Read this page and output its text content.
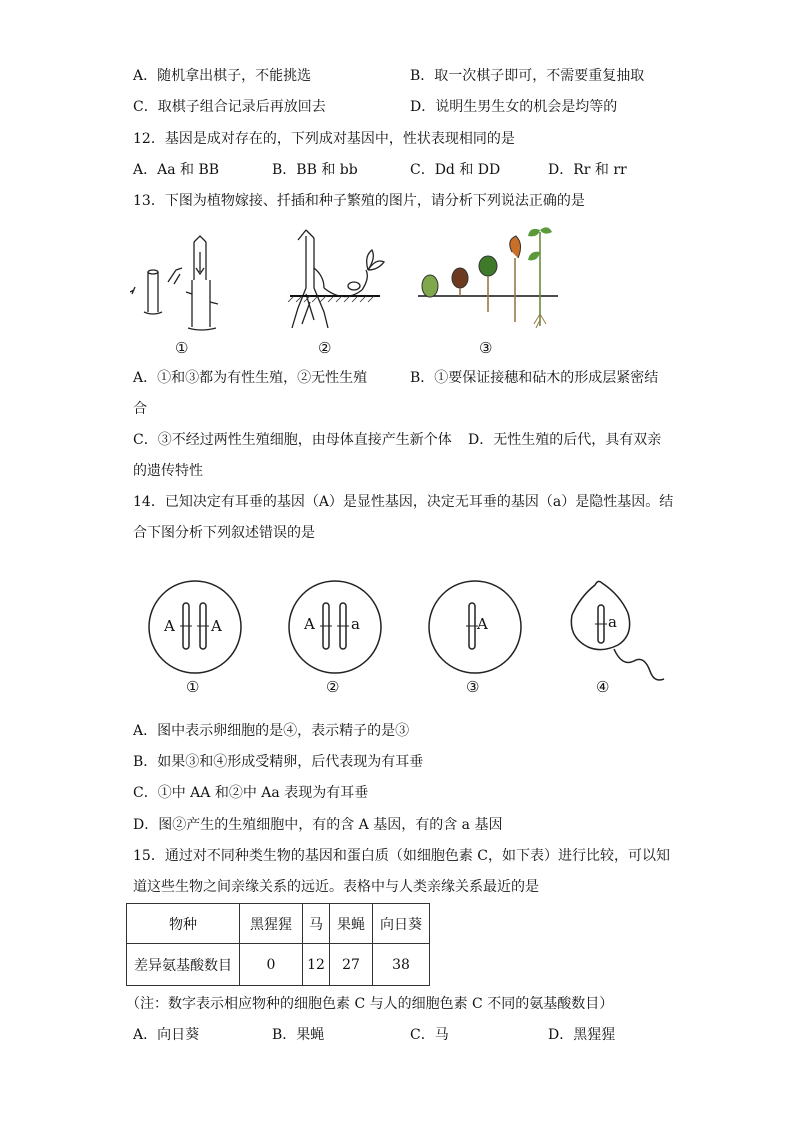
A．随机拿出棋子，不能挑选	B．取一次棋子即可，不需要重复抽取
C．取棋子组合记录后再放回去	D．说明生男生女的机会是均等的
12．基因是成对存在的，下列成对基因中，性状表现相同的是
A．Aa 和 BB	B．BB 和 bb	C．Dd 和 DD	D．Rr 和 rr
13．下图为植物嫁接、扦插和种子繁殖的图片，请分析下列说法正确的是
①	②	③
A．①和③都为有性生殖，②无性生殖	B．①要保证接穗和砧木的形成层紧密结
合
C．③不经过两性生殖细胞，由母体直接产生新个体 D．无性生殖的后代，具有双亲
的遗传特性
14．已知决定有耳垂的基因（A）是显性基因，决定无耳垂的基因（a）是隐性基因。结
合下图分析下列叙述错误的是
A A	A a	A	a
①	②	③	④
A．图中表示卵细胞的是④，表示精子的是③
B．如果③和④形成受精卵，后代表现为有耳垂
C．①中 AA 和②中 Aa 表现为有耳垂
D．图②产生的生殖细胞中，有的含 A 基因，有的含 a 基因
15．通过对不同种类生物的基因和蛋白质（如细胞色素 C，如下表）进行比较，可以知
道这些生物之间亲缘关系的远近。表格中与人类亲缘关系最近的是
物种	黑猩猩	马	果蝇	向日葵
差异氨基酸数目	0	12	27	38
（注：数字表示相应物种的细胞色素 C 与人的细胞色素 C 不同的氨基酸数目）
A．向日葵	B．果蝇	C．马	D．黑猩猩
